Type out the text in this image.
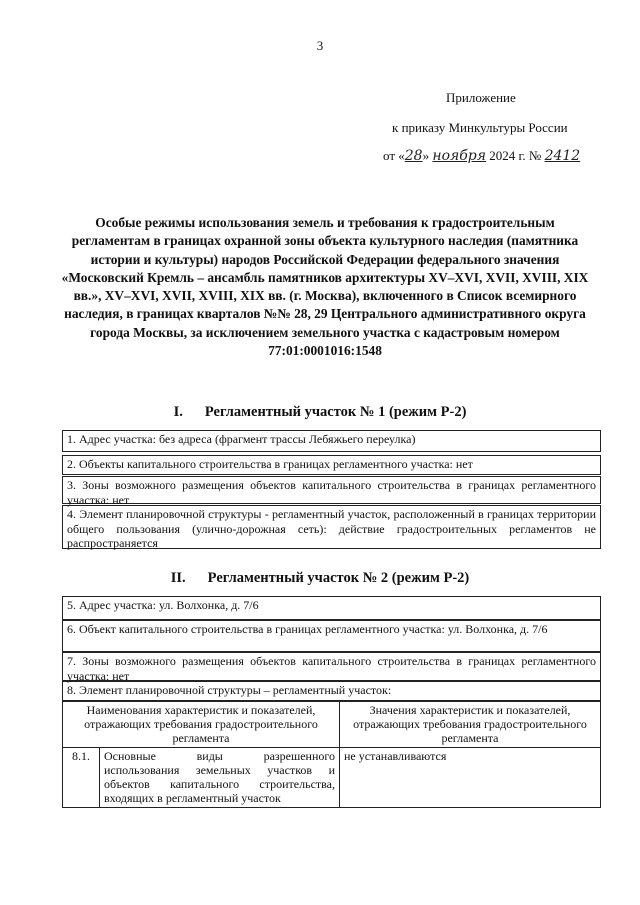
3
Приложение
к приказу Минкультуры России
от «28» ноября 2024 г. № 2412
Особые режимы использования земель и требования к градостроительным регламентам в границах охранной зоны объекта культурного наследия (памятника истории и культуры) народов Российской Федерации федерального значения «Московский Кремль – ансамбль памятников архитектуры XV–XVI, XVII, XVIII, XIX вв.», XV–XVI, XVII, XVIII, XIX вв. (г. Москва), включенного в Список всемирного наследия, в границах кварталов №№ 28, 29 Центрального административного округа города Москвы, за исключением земельного участка с кадастровым номером 77:01:0001016:1548
I. Регламентный участок № 1 (режим Р-2)
1. Адрес участка: без адреса (фрагмент трассы Лебяжьего переулка)
2. Объекты капитального строительства в границах регламентного участка: нет
3. Зоны возможного размещения объектов капитального строительства в границах регламентного участка: нет
4. Элемент планировочной структуры - регламентный участок, расположенный в границах территории общего пользования (улично-дорожная сеть): действие градостроительных регламентов не распространяется
II. Регламентный участок № 2 (режим Р-2)
5. Адрес участка: ул. Волхонка, д. 7/6
6. Объект капитального строительства в границах регламентного участка: ул. Волхонка, д. 7/6
7. Зоны возможного размещения объектов капитального строительства в границах регламентного участка: нет
8. Элемент планировочной структуры – регламентный участок:
Наименования характеристик и показателей, отражающих требования градостроительного регламента		Значения характеристик и показателей, отражающих требования градостроительного регламента
8.1.	Основные виды разрешенного использования земельных участков и объектов капитального строительства, входящих в регламентный участок	не устанавливаются
